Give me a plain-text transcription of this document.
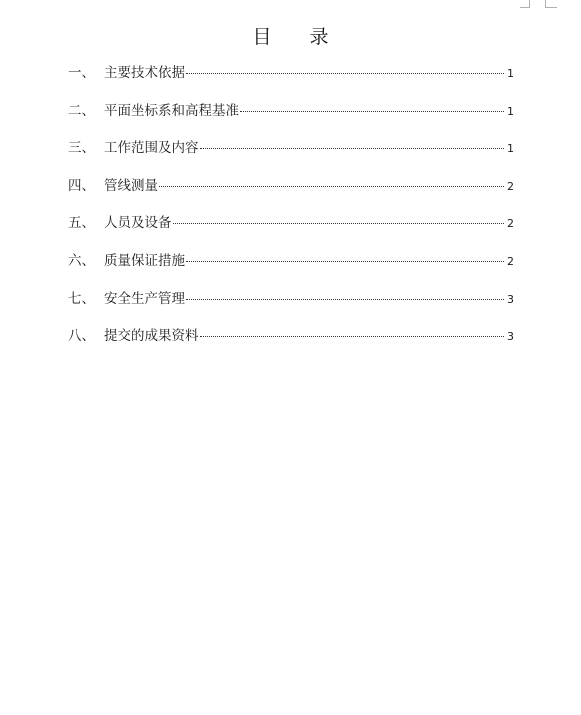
目 录
一、 主要技术依据	1
二、 平面坐标系和高程基准	1
三、 工作范围及内容	1
四、 管线测量	2
五、 人员及设备	2
六、 质量保证措施	2
七、 安全生产管理	3
八、 提交的成果资料	3
